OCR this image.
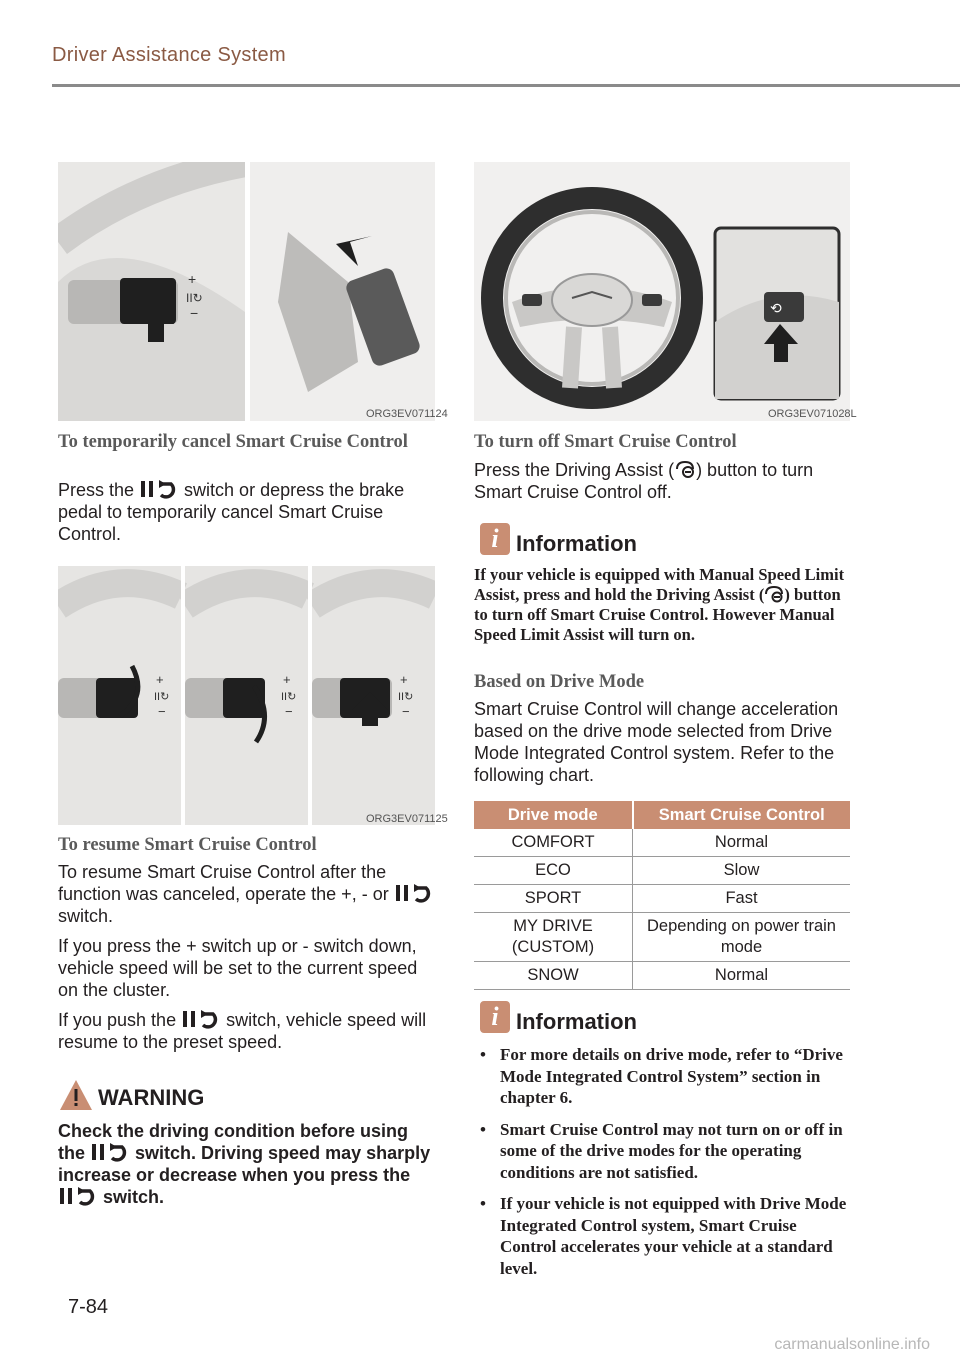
Driver Assistance System
+
II↻
−
ORG3EV071124
To temporarily cancel Smart Cruise Control

Press the  switch or depress the brake pedal to temporarily cancel Smart Cruise Control.

+
II↻
−
+
II↻
−
+
II↻
−
ORG3EV071125
To resume Smart Cruise Control

To resume Smart Cruise Control after the function was canceled, operate the +, - or  switch.

If you press the + switch up or - switch down, vehicle speed will be set to the current speed on the cluster.

If you push the  switch, vehicle speed will resume to the preset speed.

WARNING
Check the driving condition before using the  switch. Driving speed may sharply increase or decrease when you press the  switch.
⟲
ORG3EV071028L
To turn off Smart Cruise Control

Press the Driving Assist ( ) button to turn Smart Cruise Control off.

i Information
If your vehicle is equipped with Manual Speed Limit Assist, press and hold the Driving Assist ( ) button to turn off Smart Cruise Control. However Manual Speed Limit Assist will turn on.
Based on Drive Mode
Smart Cruise Control will change acceleration based on the drive mode selected from Drive Mode Integrated Control system. Refer to the following chart.
Drive mode	Smart Cruise Control
COMFORT	Normal
ECO	Slow
SPORT	Fast
MY DRIVE (CUSTOM)	Depending on power train mode
SNOW	Normal
i Information
• For more details on drive mode, refer to “Drive Mode Integrated Control System” section in chapter 6.
• Smart Cruise Control may not turn on or off in some of the drive modes for the operating conditions are not satisfied.
• If your vehicle is not equipped with Drive Mode Integrated Control system, Smart Cruise Control accelerates your vehicle at a standard level.
7-84
carmanualsonline.info
